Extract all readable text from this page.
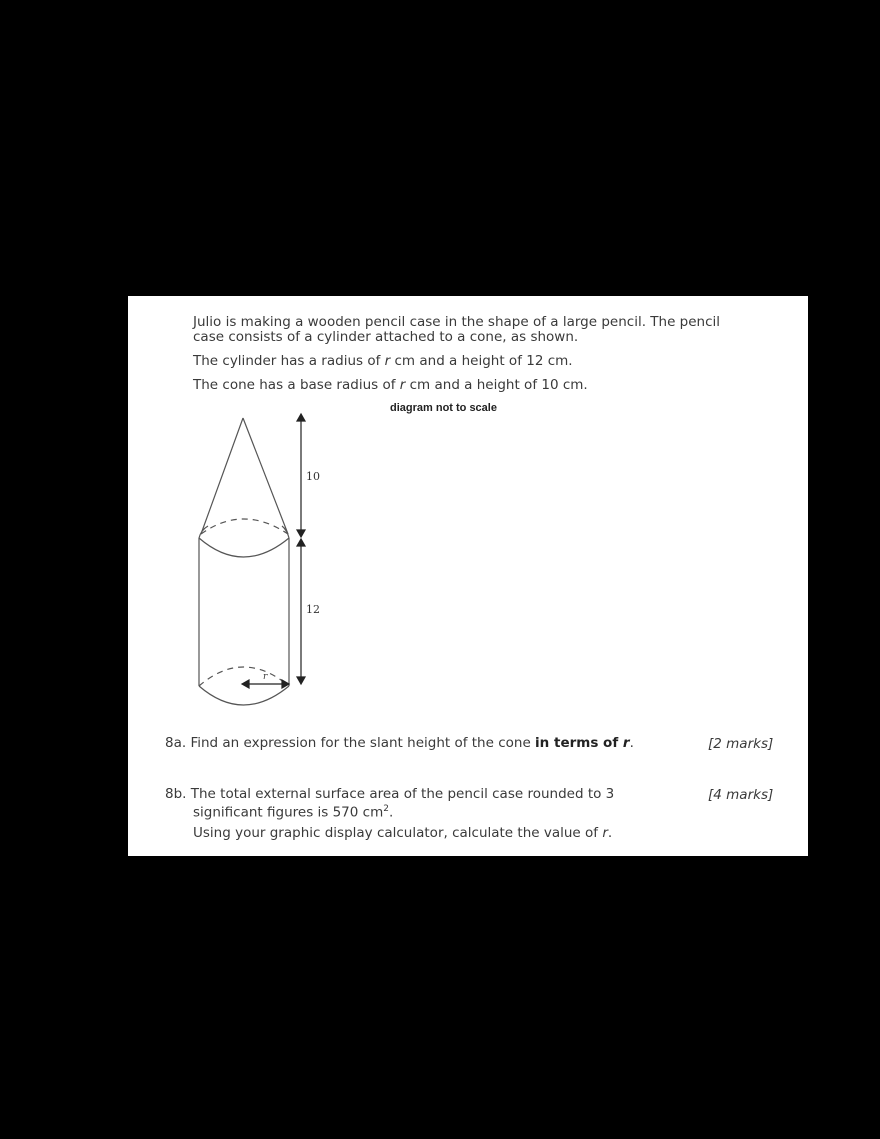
Julio is making a wooden pencil case in the shape of a large pencil. The pencil
case consists of a cylinder attached to a cone, as shown.
The cylinder has a radius of r cm and a height of 12 cm.
The cone has a base radius of r cm and a height of 10 cm.
diagram not to scale
10
12
r
8a. Find an expression for the slant height of the cone in terms of r.	[2 marks]
8b. The total external surface area of the pencil case rounded to 3
significant figures is 570 $cm^2$.
Using your graphic display calculator, calculate the value of r.
[4 marks]
